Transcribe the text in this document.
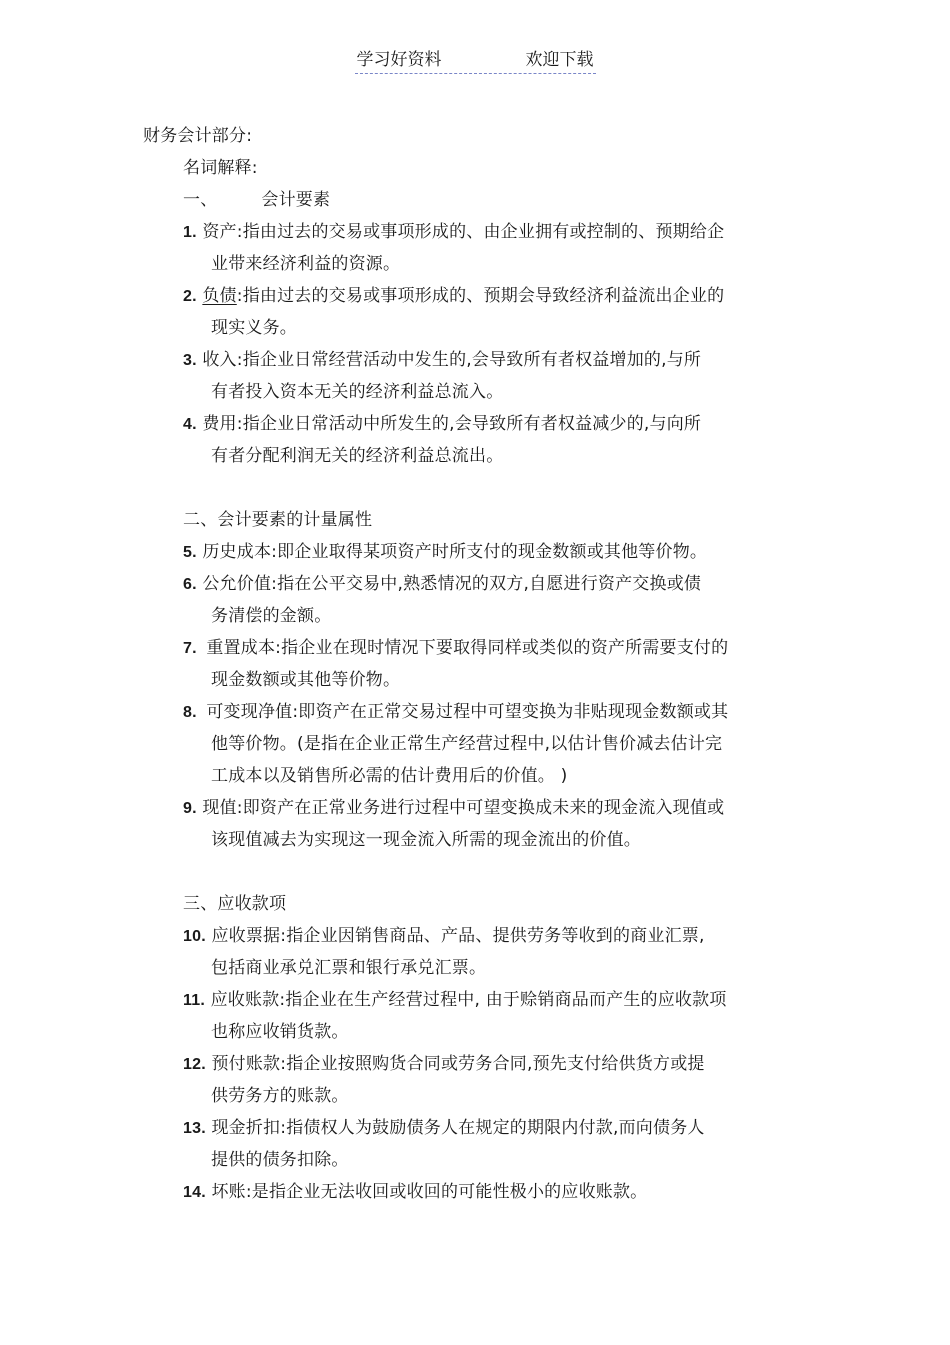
学习好资料	欢迎下载
财务会计部分:
名词解释:
一、	会计要素
1. 资产:指由过去的交易或事项形成的、由企业拥有或控制的、预期给企
业带来经济利益的资源。
2. 负债:指由过去的交易或事项形成的、预期会导致经济利益流出企业的
现实义务。
3. 收入:指企业日常经营活动中发生的,会导致所有者权益增加的,与所
有者投入资本无关的经济利益总流入。
4. 费用:指企业日常活动中所发生的,会导致所有者权益减少的,与向所
有者分配利润无关的经济利益总流出。
二、会计要素的计量属性
5. 历史成本:即企业取得某项资产时所支付的现金数额或其他等价物。
6. 公允价值:指在公平交易中,熟悉情况的双方,自愿进行资产交换或债
务清偿的金额。
7. 重置成本:指企业在现时情况下要取得同样或类似的资产所需要支付的
现金数额或其他等价物。
8. 可变现净值:即资产在正常交易过程中可望变换为非贴现现金数额或其
他等价物。(是指在企业正常生产经营过程中,以估计售价减去估计完
工成本以及销售所必需的估计费用后的价值。 )
9. 现值:即资产在正常业务进行过程中可望变换成未来的现金流入现值或
该现值减去为实现这一现金流入所需的现金流出的价值。
三、应收款项
10. 应收票据:指企业因销售商品、产品、提供劳务等收到的商业汇票,
包括商业承兑汇票和银行承兑汇票。
11. 应收账款:指企业在生产经营过程中, 由于赊销商品而产生的应收款项
也称应收销货款。
12. 预付账款:指企业按照购货合同或劳务合同,预先支付给供货方或提
供劳务方的账款。
13. 现金折扣:指债权人为鼓励债务人在规定的期限内付款,而向债务人
提供的债务扣除。
14. 坏账:是指企业无法收回或收回的可能性极小的应收账款。
